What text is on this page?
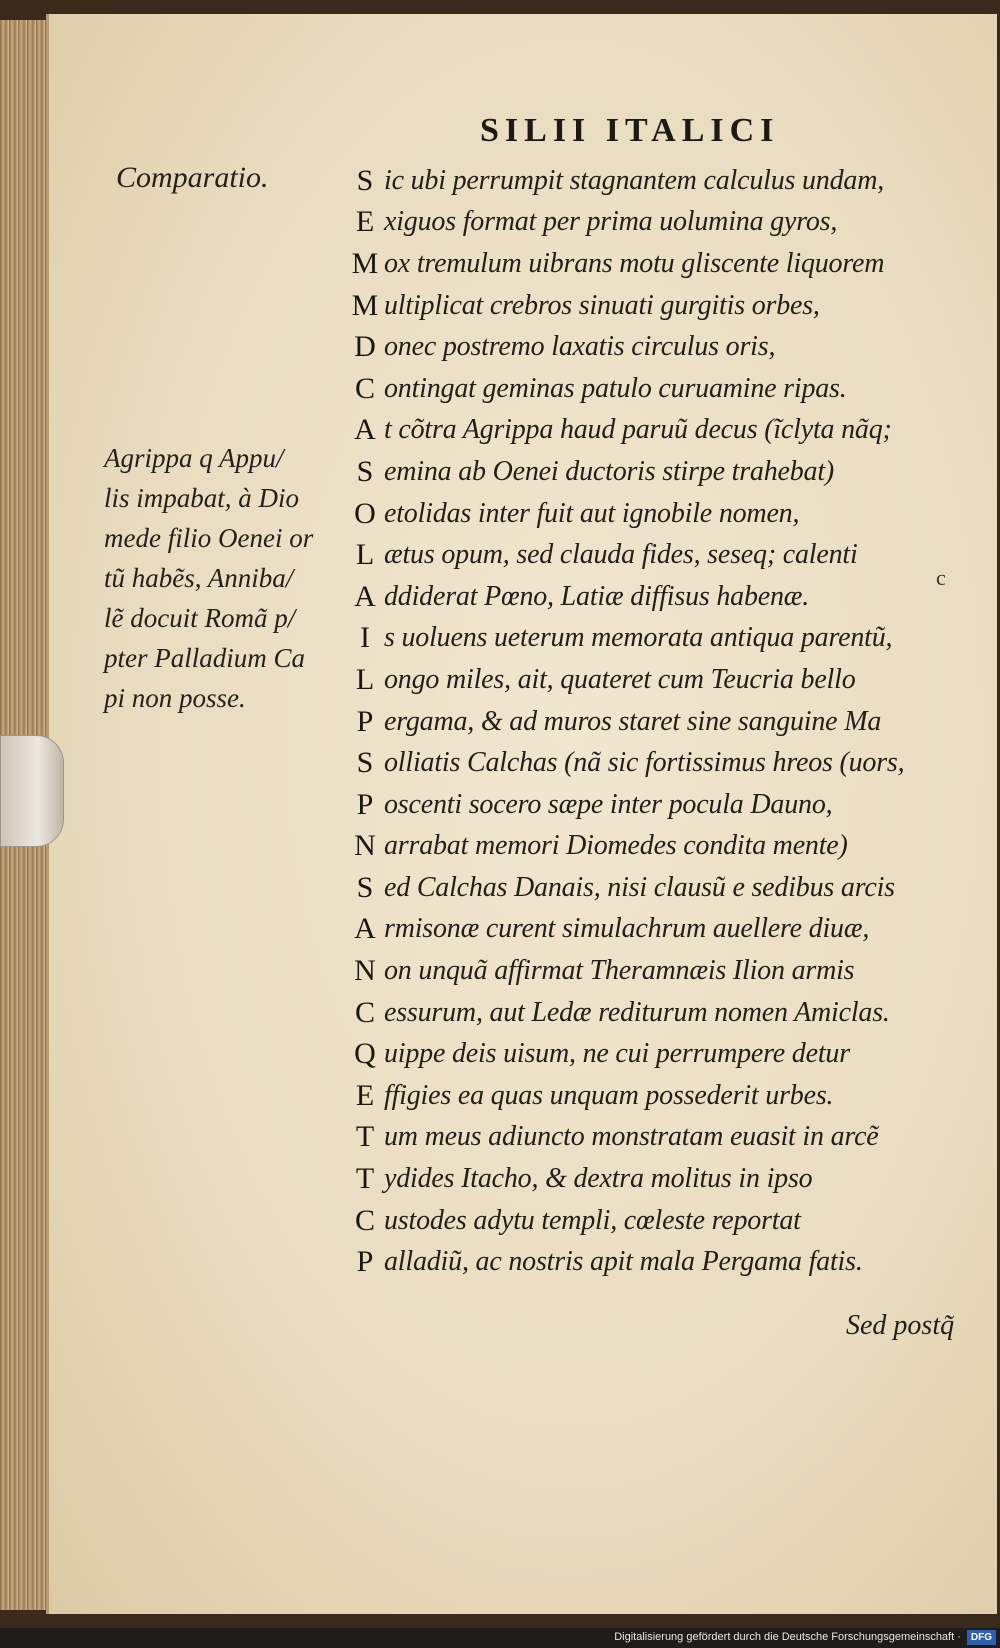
SILII ITALICI
Comparatio.
Agrippa q Appu/
lis impabat, à Dio
mede filio Oenei or
tũ habẽs, Anniba/
lẽ docuit Romã p/
pter Palladium Ca
pi non posse.
S ic ubi perrumpit stagnantem calculus undam,
E xiguos format per prima uolumina gyros,
M ox tremulum uibrans motu gliscente liquorem
M ultiplicat crebros sinuati gurgitis orbes,
D onec postremo laxatis circulus oris,
C ontingat geminas patulo curuamine ripas.
A t cõtra Agrippa haud paruũ decus (ĩclyta nãq;
S emina ab Oenei ductoris stirpe trahebat)
O etolidas inter fuit aut ignobile nomen,
L ætus opum, sed clauda fides, seseq; calenti
A ddiderat Pœno, Latiæ diffisus habenæ.
I s uoluens ueterum memorata antiqua parentũ,
L ongo miles, ait, quateret cum Teucria bello
P ergama, & ad muros staret sine sanguine Ma
S olliatis Calchas (nã sic fortissimus hreos (uors,
P oscenti socero sæpe inter pocula Dauno,
N arrabat memori Diomedes condita mente)
S ed Calchas Danais, nisi clausũ e sedibus arcis
A rmisonæ curent simulachrum auellere diuæ,
N on unquã affirmat Theramnæis Ilion armis
C essurum, aut Ledæ rediturum nomen Amiclas.
Q uippe deis uisum, ne cui perrumpere detur
E ffigies ea quas unquam possederit urbes.
T um meus adiuncto monstratam euasit in arcẽ
T ydides Itacho, & dextra molitus in ipso
C ustodes adytu templi, cœleste reportat
P alladiũ, ac nostris apit mala Pergama fatis.
c
Sed postq̃
Digitalisierung gefördert durch die Deutsche Forschungsgemeinschaft · DFG
